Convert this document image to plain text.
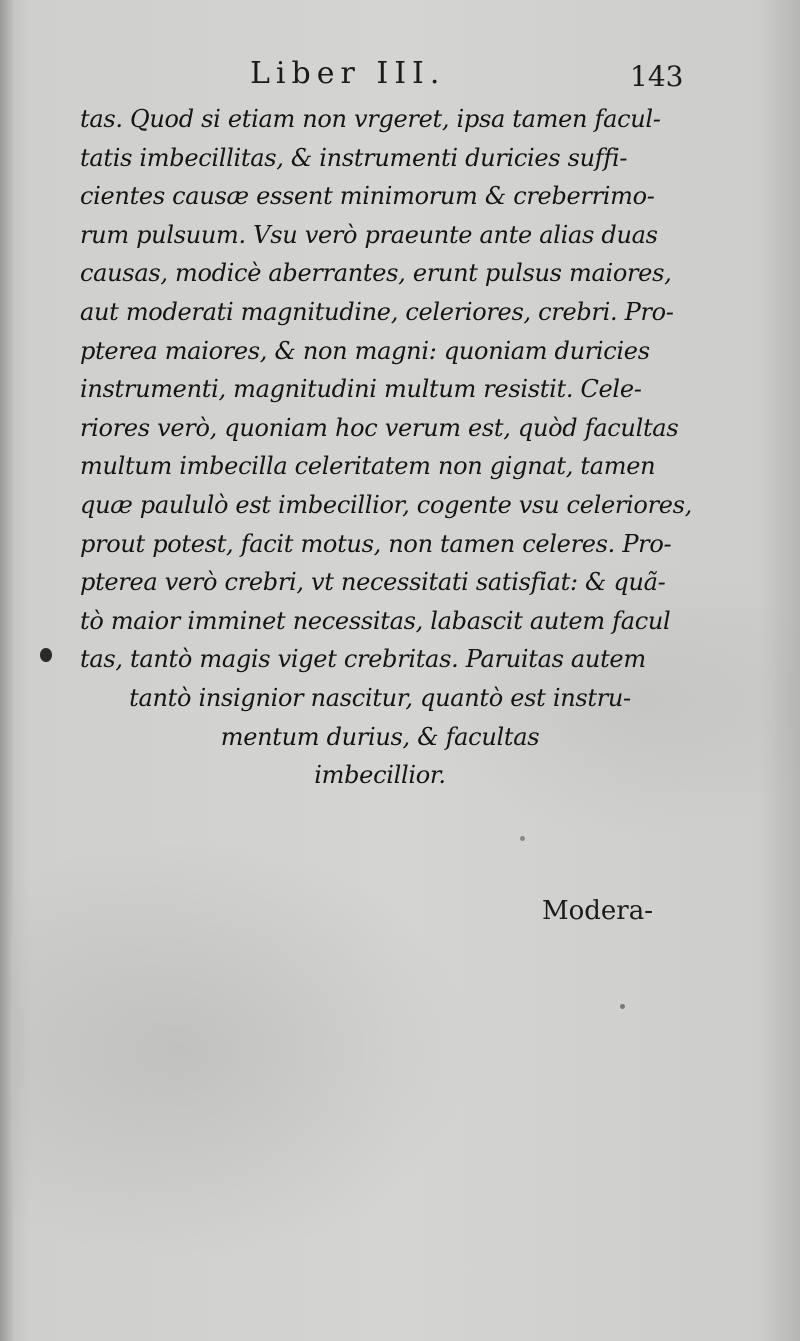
Liber III.	143
tas. Quod si etiam non vrgeret, ipsa tamen facul-
tatis imbecillitas, & instrumenti duricies suffi-
cientes causæ essent minimorum & creberrimo-
rum pulsuum. Vsu verò praeunte ante alias duas
causas, modicè aberrantes, erunt pulsus maiores,
aut moderati magnitudine, celeriores, crebri. Pro-
pterea maiores, & non magni: quoniam duricies
instrumenti, magnitudini multum resistit. Cele-
riores verò, quoniam hoc verum est, quòd facultas
multum imbecilla celeritatem non gignat, tamen
quæ paululò est imbecillior, cogente vsu celeriores,
prout potest, facit motus, non tamen celeres. Pro-
pterea verò crebri, vt necessitati satisfiat: & quã-
tò maior imminet necessitas, labascit autem facul
tas, tantò magis viget crebritas. Paruitas autem
tantò insignior nascitur, quantò est instru-
mentum durius, & facultas
imbecillior.
Modera-
